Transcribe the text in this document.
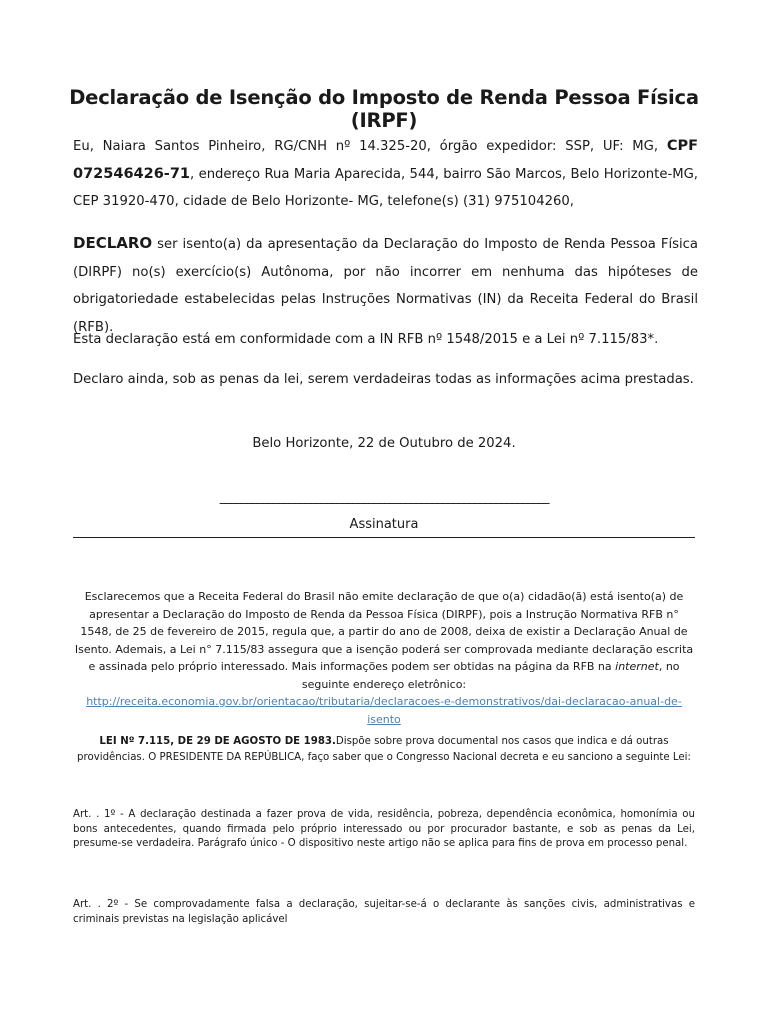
Declaração de Isenção do Imposto de Renda Pessoa Física (IRPF)
Eu, Naiara Santos Pinheiro, RG/CNH nº 14.325-20, órgão expedidor: SSP, UF: MG, CPF 072546426-71, endereço Rua Maria Aparecida, 544, bairro São Marcos, Belo Horizonte-MG, CEP 31920-470, cidade de Belo Horizonte- MG, telefone(s) (31) 975104260,
DECLARO ser isento(a) da apresentação da Declaração do Imposto de Renda Pessoa Física (DIRPF) no(s) exercício(s) Autônoma, por não incorrer em nenhuma das hipóteses de obrigatoriedade estabelecidas pelas Instruções Normativas (IN) da Receita Federal do Brasil (RFB).
Esta declaração está em conformidade com a IN RFB nº 1548/2015 e a Lei nº 7.115/83*.
Declaro ainda, sob as penas da lei, serem verdadeiras todas as informações acima prestadas.
Belo Horizonte, 22 de Outubro de 2024.
______________________________________________________________
Assinatura
Esclarecemos que a Receita Federal do Brasil não emite declaração de que o(a) cidadão(ã) está isento(a) de apresentar a Declaração do Imposto de Renda da Pessoa Física (DIRPF), pois a Instrução Normativa RFB n° 1548, de 25 de fevereiro de 2015, regula que, a partir do ano de 2008, deixa de existir a Declaração Anual de Isento. Ademais, a Lei n° 7.115/83 assegura que a isenção poderá ser comprovada mediante declaração escrita e assinada pelo próprio interessado. Mais informações podem ser obtidas na página da RFB na internet, no seguinte endereço eletrônico:
http://receita.economia.gov.br/orientacao/tributaria/declaracoes-e-demonstrativos/dai-declaracao-anual-de-isento
LEI Nº 7.115, DE 29 DE AGOSTO DE 1983.Dispõe sobre prova documental nos casos que indica e dá outras providências. O PRESIDENTE DA REPÚBLICA, faço saber que o Congresso Nacional decreta e eu sanciono a seguinte Lei:
Art. . 1º - A declaração destinada a fazer prova de vida, residência, pobreza, dependência econômica, homonímia ou bons antecedentes, quando firmada pelo próprio interessado ou por procurador bastante, e sob as penas da Lei, presume-se verdadeira. Parágrafo único - O dispositivo neste artigo não se aplica para fins de prova em processo penal.
Art. . 2º - Se comprovadamente falsa a declaração, sujeitar-se-á o declarante às sanções civis, administrativas e criminais previstas na legislação aplicável
